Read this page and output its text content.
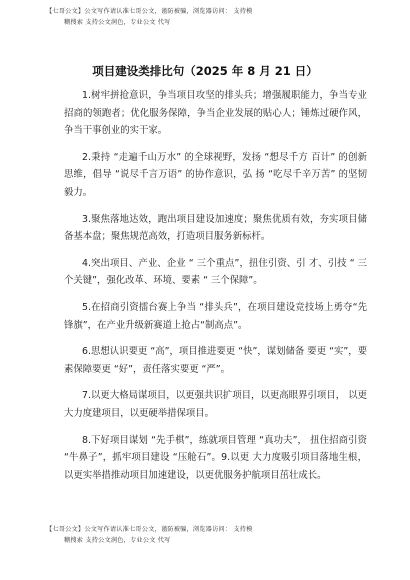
【七哥公文】公文写作请认准七哥公文，谨防被骗，浏览器访问： 支持模
糊搜索 支持公文润色，专业公文 代写
项目建设类排比句（2025 年 8 月 21 日）

1.树牢拼抢意识，争当项目攻坚的排头兵；增强履职能力，争当专业招商的领跑者；优化服务保障，争当企业发展的贴心人；锤炼过硬作风，争当干事创业的实干家。

2.秉持 “走遍千山万水” 的全球视野，发扬 “想尽千方 百计” 的创新思维，倡导 “说尽千言万语” 的协作意识，弘 扬 “吃尽千辛万苦” 的坚韧毅力。

3.聚焦落地达效，跑出项目建设加速度；聚焦优质有效，夯实项目储备基本盘；聚焦规范高效，打造项目服务新标杆。

4.突出项目、产业、企业 “ 三个重点”，扭住引资、引 才、引技 “ 三个关键”，强化改革、环境、要素 “ 三个保障”。

5.在招商引资擂台赛上争当 “排头兵”，在项目建设竞技场上勇夺“先锋旗”，在产业升级新赛道上抢占“制高点”。

6.思想认识要更 “高”，项目推进要更 “快”，谋划储备 要更 “实”，要素保障要更 “好”，责任落实要更 “严”。

7.以更大格局谋项目，以更强共识扩项目，以更高眼界引项目， 以更大力度建项目，以更硬举措保项目。

8.下好项目谋划 “先手棋”，练就项目管理 “真功夫”， 扭住招商引资 “牛鼻子”，抓牢项目建设 “压舱石”。9.以更 大力度吸引项目落地生根， 以更实举措推动项目加速建设，以更优服务护航项目茁壮成长。

【七哥公文】公文写作请认准七哥公文，谨防被骗，浏览器访问： 支持模
糊搜索 支持公文润色，专业公文 代写
